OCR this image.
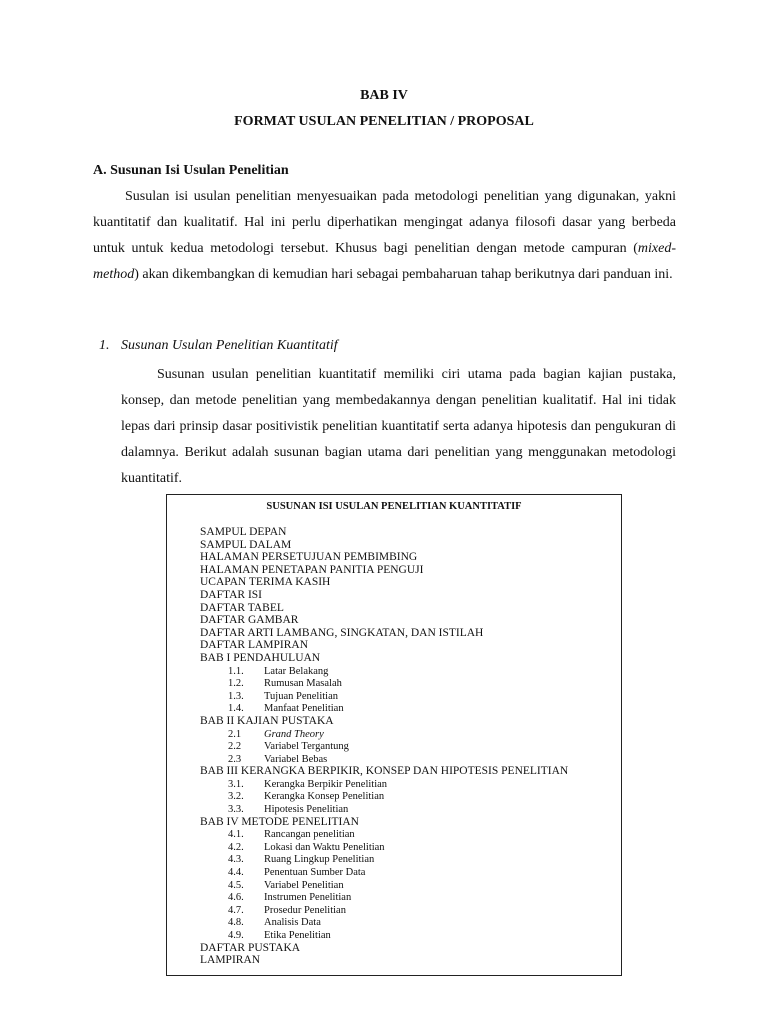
BAB IV
FORMAT USULAN PENELITIAN / PROPOSAL
A. Susunan Isi Usulan Penelitian
Susulan isi usulan penelitian menyesuaikan pada metodologi penelitian yang digunakan, yakni kuantitatif dan kualitatif. Hal ini perlu diperhatikan mengingat adanya filosofi dasar yang berbeda untuk untuk kedua metodologi tersebut. Khusus bagi penelitian dengan metode campuran (mixed-method) akan dikembangkan di kemudian hari sebagai pembaharuan tahap berikutnya dari panduan ini.
1. Susunan Usulan Penelitian Kuantitatif
Susunan usulan penelitian kuantitatif memiliki ciri utama pada bagian kajian pustaka, konsep, dan metode penelitian yang membedakannya dengan penelitian kualitatif. Hal ini tidak lepas dari prinsip dasar positivistik penelitian kuantitatif serta adanya hipotesis dan pengukuran di dalamnya. Berikut adalah susunan bagian utama dari penelitian yang menggunakan metodologi kuantitatif.
SUSUNAN ISI USULAN PENELITIAN KUANTITATIF
SAMPUL DEPAN
SAMPUL DALAM
HALAMAN PERSETUJUAN PEMBIMBING
HALAMAN PENETAPAN PANITIA PENGUJI
UCAPAN TERIMA KASIH
DAFTAR ISI
DAFTAR TABEL
DAFTAR GAMBAR
DAFTAR ARTI LAMBANG, SINGKATAN, DAN ISTILAH
DAFTAR LAMPIRAN
BAB I PENDAHULUAN
1.1. Latar Belakang
1.2. Rumusan Masalah
1.3. Tujuan Penelitian
1.4. Manfaat Penelitian
BAB II KAJIAN PUSTAKA
2.1 Grand Theory
2.2 Variabel Tergantung
2.3 Variabel Bebas
BAB III KERANGKA BERPIKIR, KONSEP DAN HIPOTESIS PENELITIAN
3.1. Kerangka Berpikir Penelitian
3.2. Kerangka Konsep Penelitian
3.3. Hipotesis Penelitian
BAB IV METODE PENELITIAN
4.1. Rancangan penelitian
4.2. Lokasi dan Waktu Penelitian
4.3. Ruang Lingkup Penelitian
4.4. Penentuan Sumber Data
4.5. Variabel Penelitian
4.6. Instrumen Penelitian
4.7. Prosedur Penelitian
4.8. Analisis Data
4.9. Etika Penelitian
DAFTAR PUSTAKA
LAMPIRAN
